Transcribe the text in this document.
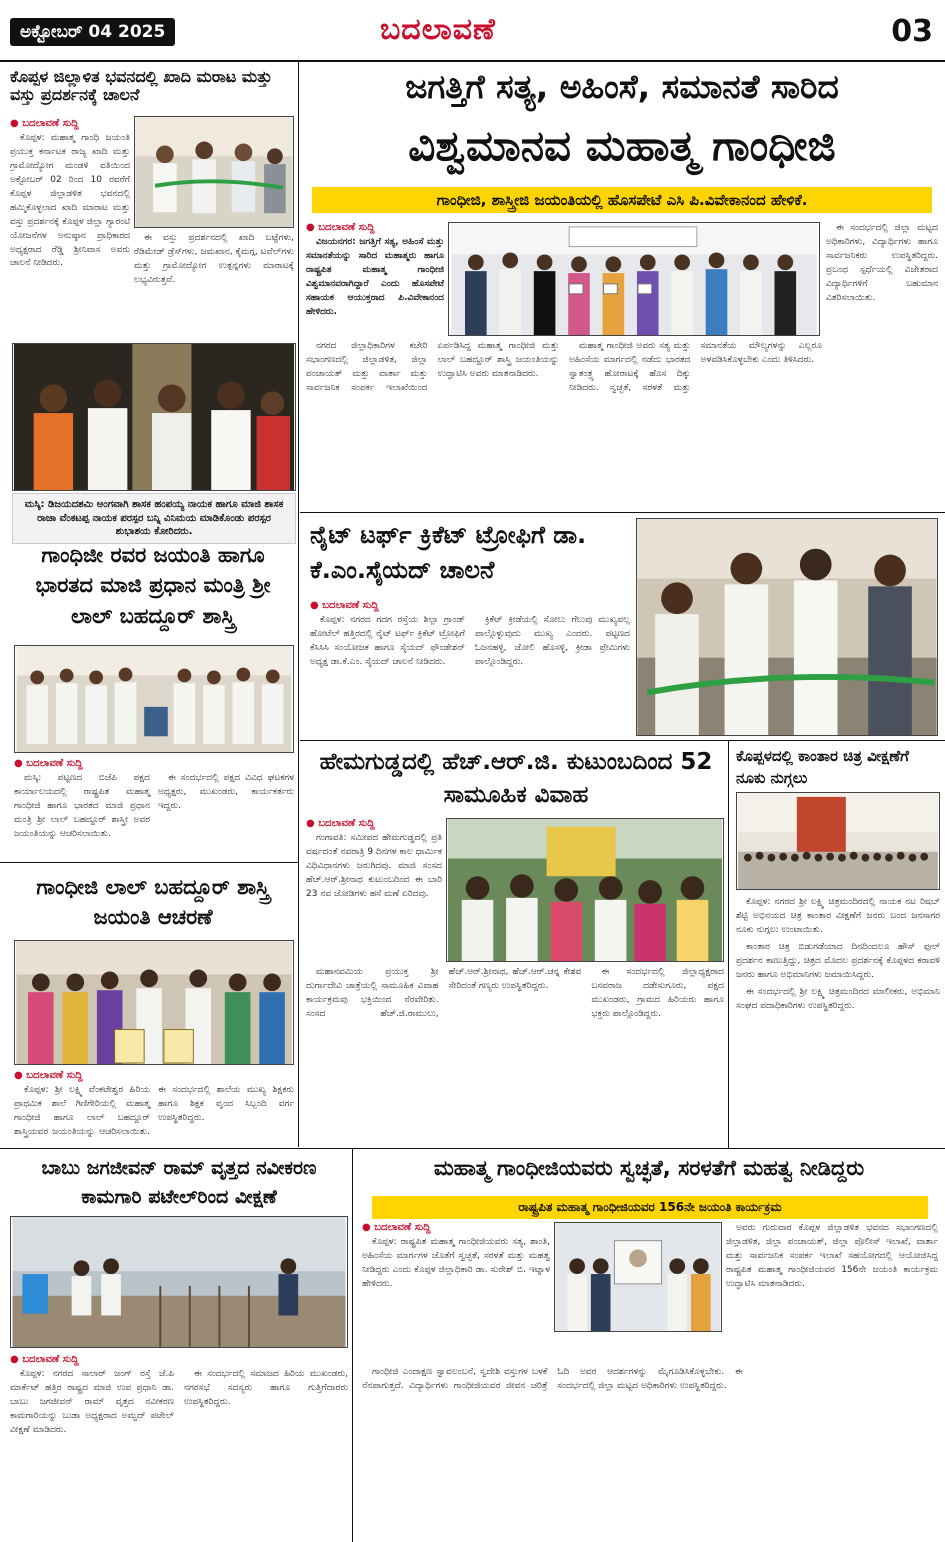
ಅಕ್ಟೋಬರ್ 04 2025	ಬದಲಾವಣೆ	03
ಕೊಪ್ಪಳ ಜಿಲ್ಲಾಳಿತ ಭವನದಲ್ಲಿ ಖಾದಿ ಮರಾಟ ಮತ್ತು ವಸ್ತು ಪ್ರದರ್ಶನಕ್ಕೆ ಚಾಲನೆ
● ಬದಲಾವಣೆ ಸುದ್ದಿ

ಕೊಪ್ಪಳ: ಮಹಾತ್ಮ ಗಾಂಧಿ ಜಯಂತಿ ಪ್ರಯುಕ್ತ ಕರ್ನಾಟಕ ರಾಜ್ಯ ಖಾದಿ ಮತ್ತು ಗ್ರಾಮೋದ್ಯೋಗ ಮಂಡಳಿ ವತಿಯಿಂದ ಅಕ್ಟೋಬರ್ 02 ರಿಂದ 10 ರವರೆಗೆ ಕೊಪ್ಪಳ ಜಿಲ್ಲಾಡಳಿತ ಭವನದಲ್ಲಿ ಹಮ್ಮಿಕೊಳ್ಳಲಾದ ಖಾದಿ ಮಾರಾಟ ಮತ್ತು ವಸ್ತು ಪ್ರದರ್ಶನಕ್ಕೆ ಕೊಪ್ಪಳ ಜಿಲ್ಲಾ ಗ್ಯಾರಂಟಿ ಯೋಜನೆಗಳ ಅನುಷ್ಠಾನ ಪ್ರಾಧಿಕಾರದ ಅಧ್ಯಕ್ಷರಾದ ರೆಡ್ಡಿ ಶ್ರೀನಿವಾಸ ಅವರು ಚಾಲನೆ ನೀಡಿದರು.

ಈ ವಸ್ತು ಪ್ರದರ್ಶನದಲ್ಲಿ ಖಾದಿ ಬಟ್ಟೆಗಳು, ರೆಡಿಮೇಡ್ ಡ್ರೆಸ್‌ಗಳು, ಜಮಖಾನ, ಕೈಮಗ್ಗ, ಟವೆಲ್‌ಗಳು ಮತ್ತು ಗ್ರಾಮೋದ್ಯೋಗ ಉತ್ಪನ್ನಗಳು ಮಾರಾಟಕ್ಕೆ ಲಭ್ಯವಿರುತ್ತವೆ.

ಮಸ್ಕಿ: ಡಿಜಯದಶಮಿ ಅಂಗವಾಗಿ ಶಾಸಕ ಹಂಪಯ್ಯ ನಾಯಕ ಹಾಗೂ ಮಾಜಿ ಶಾಸಕ ರಾಜಾ ವೆಂಕಟಪ್ಪ ನಾಯಕ ಪರಸ್ಪರ ಬನ್ನಿ ವಿನಿಮಯ ಮಾಡಿಕೊಂಡು ಪರಸ್ಪರ ಶುಭಾಶಯ ಕೋರಿದರು.
ಗಾಂಧಿಜೀ ರವರ ಜಯಂತಿ ಹಾಗೂ ಭಾರತದ ಮಾಜಿ ಪ್ರಧಾನ ಮಂತ್ರಿ ಶ್ರೀ ಲಾಲ್ ಬಹದ್ದೂರ್ ಶಾಸ್ತ್ರಿ
● ಬದಲಾವಣೆ ಸುದ್ದಿ

ಮಸ್ಕಿ: ಪಟ್ಟಣದ ಬಿಜೆಪಿ ಪಕ್ಷದ ಕಾರ್ಯಾಲಯದಲ್ಲಿ ರಾಷ್ಟ್ರಪಿತ ಮಹಾತ್ಮ ಗಾಂಧೀಜಿ ಹಾಗೂ ಭಾರತದ ಮಾಜಿ ಪ್ರಧಾನ ಮಂತ್ರಿ ಶ್ರೀ ಲಾಲ್ ಬಹದ್ದೂರ್ ಶಾಸ್ತ್ರೀ ಅವರ ಜಯಂತಿಯನ್ನು ಆಚರಿಸಲಾಯಿತು.

ಈ ಸಂದರ್ಭದಲ್ಲಿ ಪಕ್ಷದ ವಿವಿಧ ಘಟಕಗಳ ಅಧ್ಯಕ್ಷರು, ಮುಖಂಡರು, ಕಾರ್ಯಕರ್ತರು ಇದ್ದರು.

ಗಾಂಧೀಜಿ ಲಾಲ್ ಬಹದ್ದೂರ್ ಶಾಸ್ತ್ರಿ ಜಯಂತಿ ಆಚರಣೆ
● ಬದಲಾವಣೆ ಸುದ್ದಿ

ಕೊಪ್ಪಳ: ಶ್ರೀ ಲಕ್ಷ್ಮಿ ವೆಂಕಟೇಶ್ವರ ಹಿರಿಯ ಪ್ರಾಥಮಿಕ ಶಾಲೆ ಗಿಣಿಗೇರಿಯಲ್ಲಿ ಮಹಾತ್ಮ ಗಾಂಧೀಜಿ ಹಾಗೂ ಲಾಲ್ ಬಹದ್ದೂರ್ ಶಾಸ್ತ್ರಿಯವರ ಜಯಂತಿಯನ್ನು ಆಚರಿಸಲಾಯಿತು. ಈ ಸಂದರ್ಭದಲ್ಲಿ ಶಾಲೆಯ ಮುಖ್ಯ ಶಿಕ್ಷಕರು ಹಾಗೂ ಶಿಕ್ಷಕ ವೃಂದ ಸಿಬ್ಬಂದಿ ವರ್ಗ ಉಪಸ್ಥಿತರಿದ್ದರು.

ಜಗತ್ತಿಗೆ ಸತ್ಯ, ಅಹಿಂಸೆ, ಸಮಾನತೆ ಸಾರಿದ
ವಿಶ್ವಮಾನವ ಮಹಾತ್ಮ ಗಾಂಧೀಜಿ
ಗಾಂಧೀಜಿ, ಶಾಸ್ತ್ರೀಜಿ ಜಯಂತಿಯಲ್ಲಿ ಹೊಸಪೇಟೆ ಎಸಿ ಪಿ.ವಿವೇಕಾನಂದ ಹೇಳಿಕೆ.
● ಬದಲಾವಣೆ ಸುದ್ದಿ

ವಿಜಯನಗರ: ಜಗತ್ತಿಗೆ ಸತ್ಯ, ಅಹಿಂಸೆ ಮತ್ತು ಸಮಾನತೆಯನ್ನು ಸಾರಿದ ಮಹಾತ್ಮರು ಹಾಗೂ ರಾಷ್ಟ್ರಪಿತ ಮಹಾತ್ಮ ಗಾಂಧೀಜಿ ವಿಶ್ವಮಾನವರಾಗಿದ್ದಾರೆ ಎಂದು ಹೊಸಪೇಟೆ ಸಹಾಯಕ ಆಯುಕ್ತರಾದ ಪಿ.ವಿವೇಕಾನಂದ ಹೇಳಿದರು.

ಈ ಸಂದರ್ಭದಲ್ಲಿ ಜಿಲ್ಲಾ ಮಟ್ಟದ ಅಧಿಕಾರಿಗಳು, ವಿದ್ಯಾರ್ಥಿಗಳು ಹಾಗೂ ಸಾರ್ವಜನಿಕರು ಉಪಸ್ಥಿತರಿದ್ದರು. ಪ್ರಬಂಧ ಸ್ಪರ್ಧೆಯಲ್ಲಿ ವಿಜೇತರಾದ ವಿದ್ಯಾರ್ಥಿಗಳಿಗೆ ಬಹುಮಾನ ವಿತರಿಸಲಾಯಿತು.

ನಗರದ ಜಿಲ್ಲಾಧಿಕಾರಿಗಳ ಕಚೇರಿ ಸಭಾಂಗಣದಲ್ಲಿ ಜಿಲ್ಲಾಡಳಿತ, ಜಿಲ್ಲಾ ಪಂಚಾಯತ್ ಮತ್ತು ವಾರ್ತಾ ಮತ್ತು ಸಾರ್ವಜನಿಕ ಸಂಪರ್ಕ ಇಲಾಖೆಯಿಂದ ಏರ್ಪಡಿಸಿದ್ದ ಮಹಾತ್ಮ ಗಾಂಧೀಜಿ ಮತ್ತು ಲಾಲ್ ಬಹದ್ದೂರ್ ಶಾಸ್ತ್ರಿ ಜಯಂತಿಯನ್ನು ಉದ್ಘಾಟಿಸಿ ಅವರು ಮಾತನಾಡಿದರು.

ಮಹಾತ್ಮ ಗಾಂಧೀಜಿ ಅವರು ಸತ್ಯ ಮತ್ತು ಅಹಿಂಸೆಯ ಮಾರ್ಗದಲ್ಲಿ ನಡೆದು ಭಾರತದ ಸ್ವಾತಂತ್ರ್ಯ ಹೋರಾಟಕ್ಕೆ ಹೊಸ ದಿಕ್ಕು ನೀಡಿದರು. ಸ್ವಚ್ಛತೆ, ಸರಳತೆ ಮತ್ತು ಸಮಾನತೆಯ ಮೌಲ್ಯಗಳನ್ನು ಎಲ್ಲರೂ ಅಳವಡಿಸಿಕೊಳ್ಳಬೇಕು ಎಂದು ತಿಳಿಸಿದರು.

ನೈಟ್ ಟರ್ಫ್ ಕ್ರಿಕೆಟ್ ಟ್ರೋಫಿಗೆ ಡಾ. ಕೆ.ಎಂ.ಸೈಯದ್ ಚಾಲನೆ
● ಬದಲಾವಣೆ ಸುದ್ದಿ

ಕೊಪ್ಪಳ: ನಗರದ ಗದಗ ರಸ್ತೆಯ ಶಿಲ್ಪಾ ಗ್ರಾಂಡ್ ಹೋಟೆಲ್ ಹತ್ತಿರದಲ್ಲಿ ನೈಟ್ ಟರ್ಫ್ ಕ್ರಿಕೆಟ್ ಟ್ರೋಫಿಗೆ ಕೆಸಿಸಿಸಿ ಸಂಯೋಜಕ ಹಾಗೂ ಸೈಯದ್ ಫೌಂಡೇಶನ್ ಅಧ್ಯಕ್ಷ ಡಾ.ಕೆ.ಎಂ. ಸೈಯದ್ ಚಾಲನೆ ನೀಡಿದರು.

ಕ್ರಿಕೆಟ್ ಕ್ರೀಡೆಯಲ್ಲಿ ಸೋಲು ಗೆಲುವು ಮುಖ್ಯವಲ್ಲ ಪಾಲ್ಗೊಳ್ಳುವುದು ಮುಖ್ಯ ಎಂದರು. ಪಟ್ಟಣದ ಓಜನಹಳ್ಳಿ, ಜೋಲಿ ಹೊಸಳ್ಳಿ, ಕ್ರೀಡಾ ಪ್ರೇಮಿಗಳು ಪಾಲ್ಗೊಂಡಿದ್ದರು.

ಹೇಮಗುಡ್ಡದಲ್ಲಿ ಹೆಚ್.ಆರ್.ಜಿ. ಕುಟುಂಬದಿಂದ 52 ಸಾಮೂಹಿಕ ವಿವಾಹ
● ಬದಲಾವಣೆ ಸುದ್ದಿ

ಗಂಗಾವತಿ: ಸಮೀಪದ ಹೇಮಗುಡ್ಡದಲ್ಲಿ ಪ್ರತಿ ವರ್ಷದಂತೆ ನವರಾತ್ರಿ 9 ದಿನಗಳ ಕಾಲ ಧಾರ್ಮಿಕ ವಿಧಿವಿಧಾನಗಳು ಜರುಗಿದವು. ಮಾಜಿ ಸಂಸದ ಹೆಚ್.ಆರ್.ಶ್ರೀನಾಥ ಕುಟುಂಬದಿಂದ ಈ ಬಾರಿ 23 ನವ ಜೋಡಿಗಳು ಹಸೆ ಮಣೆ ಏರಿದವು.

ಮಹಾನವಮಿಯ ಪ್ರಯುಕ್ತ ಶ್ರೀ ದುರ್ಗಾದೇವಿ ಜಾತ್ರೆಯಲ್ಲಿ ಸಾಮೂಹಿಕ ವಿವಾಹ ಕಾರ್ಯಕ್ರಮವು ಭಕ್ತಿಯಿಂದ ನೆರವೇರಿತು. ಸಂಸದ ಹೆಚ್.ಜಿ.ರಾಮುಲು, ಹೆಚ್.ಆರ್.ಶ್ರೀನಾಥ, ಹೆಚ್.ಆರ್.ಚನ್ನ ಕೇಶವ ಸೇರಿದಂತೆ ಗಣ್ಯರು ಉಪಸ್ಥಿತರಿದ್ದರು.

ಈ ಸಂದರ್ಭದಲ್ಲಿ ಜಿಲ್ಲಾಧ್ಯಕ್ಷರಾದ ಬಸವರಾಜ ದಡೇಸುಗೂರು, ಪಕ್ಷದ ಮುಖಂಡರು, ಗ್ರಾಮದ ಹಿರಿಯರು ಹಾಗೂ ಭಕ್ತರು ಪಾಲ್ಗೊಂಡಿದ್ದರು.

ಕೊಪ್ಪಳದಲ್ಲಿ ಕಾಂತಾರ ಚಿತ್ರ ವೀಕ್ಷಣೆಗೆ ನೂಕು ನುಗ್ಗಲು

ಕೊಪ್ಪಳ: ನಗರದ ಶ್ರೀ ಲಕ್ಷ್ಮಿ ಚಿತ್ರಮಂದಿರದಲ್ಲಿ ನಾಯಕ ನಟ ರಿಷಬ್ ಶೆಟ್ಟಿ ಅಭಿನಯದ ಚಿತ್ರ ಕಾಂತಾರ ವೀಕ್ಷಣೆಗೆ ಜನರು ಬಂದ ಜನಸಾಗರ ನೂಕು ನುಗ್ಗಲು ಉಂಟಾಯಿತು.

ಕಾಂತಾರ ಚಿತ್ರ ಬಿಡುಗಡೆಯಾದ ದಿನದಿಂದಲೂ ಹೌಸ್ ಫುಲ್ ಪ್ರದರ್ಶನ ಕಾಣುತ್ತಿದ್ದು, ಚಿತ್ರದ ಮೊದಲ ಪ್ರದರ್ಶನಕ್ಕೆ ಕೊಪ್ಪಳದ ಕರಾವಳಿ ಜನರು ಹಾಗೂ ಅಭಿಮಾನಿಗಳು ಜಮಾಯಿಸಿದ್ದರು.

ಈ ಸಂದರ್ಭದಲ್ಲಿ ಶ್ರೀ ಲಕ್ಷ್ಮಿ ಚಿತ್ರಮಂದಿರದ ಮಾಲೀಕರು, ಅಭಿಮಾನಿ ಸಂಘದ ಪದಾಧಿಕಾರಿಗಳು ಉಪಸ್ಥಿತರಿದ್ದರು.

ಬಾಬು ಜಗಜೀವನ್ ರಾಮ್ ವೃತ್ತದ ನವೀಕರಣ ಕಾಮಗಾರಿ ಪಟೇಲ್‌ರಿಂದ ವೀಕ್ಷಣೆ
● ಬದಲಾವಣೆ ಸುದ್ದಿ

ಕೊಪ್ಪಳ: ನಗರದ ಸಾಲಾರ್ ಜಂಗ್ ರಸ್ತೆ ಜೆ.ಪಿ ಮಾರ್ಕೆಟ್ ಹತ್ತಿರ ರಾಷ್ಟ್ರದ ಮಾಜಿ ಉಪ ಪ್ರಧಾನಿ ಡಾ. ಬಾಬು ಜಗಜೀವನ್ ರಾಮ್ ವೃತ್ತದ ನವೀಕರಣ ಕಾಮಗಾರಿಯನ್ನು ಬುಡಾ ಅಧ್ಯಕ್ಷರಾದ ಅಮ್ಜದ್ ಪಟೇಲ್ ವೀಕ್ಷಣೆ ಮಾಡಿದರು.

ಈ ಸಂದರ್ಭದಲ್ಲಿ ಸಮಾಜದ ಹಿರಿಯ ಮುಖಂಡರು, ನಗರಸಭೆ ಸದಸ್ಯರು ಹಾಗೂ ಗುತ್ತಿಗೆದಾರರು ಉಪಸ್ಥಿತರಿದ್ದರು.

ಮಹಾತ್ಮ ಗಾಂಧೀಜಿಯವರು ಸ್ವಚ್ಛತೆ, ಸರಳತೆಗೆ ಮಹತ್ವ ನೀಡಿದ್ದರು
ರಾಷ್ಟ್ರಪಿತ ಮಹಾತ್ಮ ಗಾಂಧೀಜಿಯವರ 156ನೇ ಜಯಂತಿ ಕಾರ್ಯಕ್ರಮ
● ಬದಲಾವಣೆ ಸುದ್ದಿ

ಕೊಪ್ಪಳ: ರಾಷ್ಟ್ರಪಿತ ಮಹಾತ್ಮ ಗಾಂಧೀಜಿಯವರು ಸತ್ಯ, ಶಾಂತಿ, ಅಹಿಂಸೆಯ ಮಾರ್ಗಗಳ ಜೊತೆಗೆ ಸ್ವಚ್ಛತೆ, ಸರಳತೆ ಮತ್ತು ಮಹತ್ವ ನೀಡಿದ್ದರು ಎಂದು ಕೊಪ್ಪಳ ಜಿಲ್ಲಾಧಿಕಾರಿ ಡಾ. ಸುರೇಶ್ ಬಿ. ಇಟ್ನಾಳ ಹೇಳಿದರು.

ಅವರು ಗುರುವಾರ ಕೊಪ್ಪಳ ಜಿಲ್ಲಾಡಳಿತ ಭವನದ ಸಭಾಂಗಣದಲ್ಲಿ ಜಿಲ್ಲಾಡಳಿತ, ಜಿಲ್ಲಾ ಪಂಚಾಯತ್, ಜಿಲ್ಲಾ ಪೊಲೀಸ್ ಇಲಾಖೆ, ವಾರ್ತಾ ಮತ್ತು ಸಾರ್ವಜನಿಕ ಸಂಪರ್ಕ ಇಲಾಖೆ ಸಹಯೋಗದಲ್ಲಿ ಆಯೋಜಿಸಿದ್ದ ರಾಷ್ಟ್ರಪಿತ ಮಹಾತ್ಮ ಗಾಂಧೀಜಿಯವರ 156ನೇ ಜಯಂತಿ ಕಾರ್ಯಕ್ರಮ ಉದ್ಘಾಟಿಸಿ ಮಾತನಾಡಿದರು.

ಗಾಂಧೀಜಿ ಎಂದಾಕ್ಷಣ ಸ್ವಾವಲಂಬನೆ, ಸ್ವದೇಶಿ ವಸ್ತುಗಳ ಬಳಕೆ ನೆನಪಾಗುತ್ತದೆ. ವಿದ್ಯಾರ್ಥಿಗಳು ಗಾಂಧೀಜಿಯವರ ಜೀವನ ಚರಿತ್ರೆ ಓದಿ ಅವರ ಆದರ್ಶಗಳನ್ನು ಮೈಗೂಡಿಸಿಕೊಳ್ಳಬೇಕು. ಈ ಸಂದರ್ಭದಲ್ಲಿ ಜಿಲ್ಲಾ ಮಟ್ಟದ ಅಧಿಕಾರಿಗಳು ಉಪಸ್ಥಿತರಿದ್ದರು.
